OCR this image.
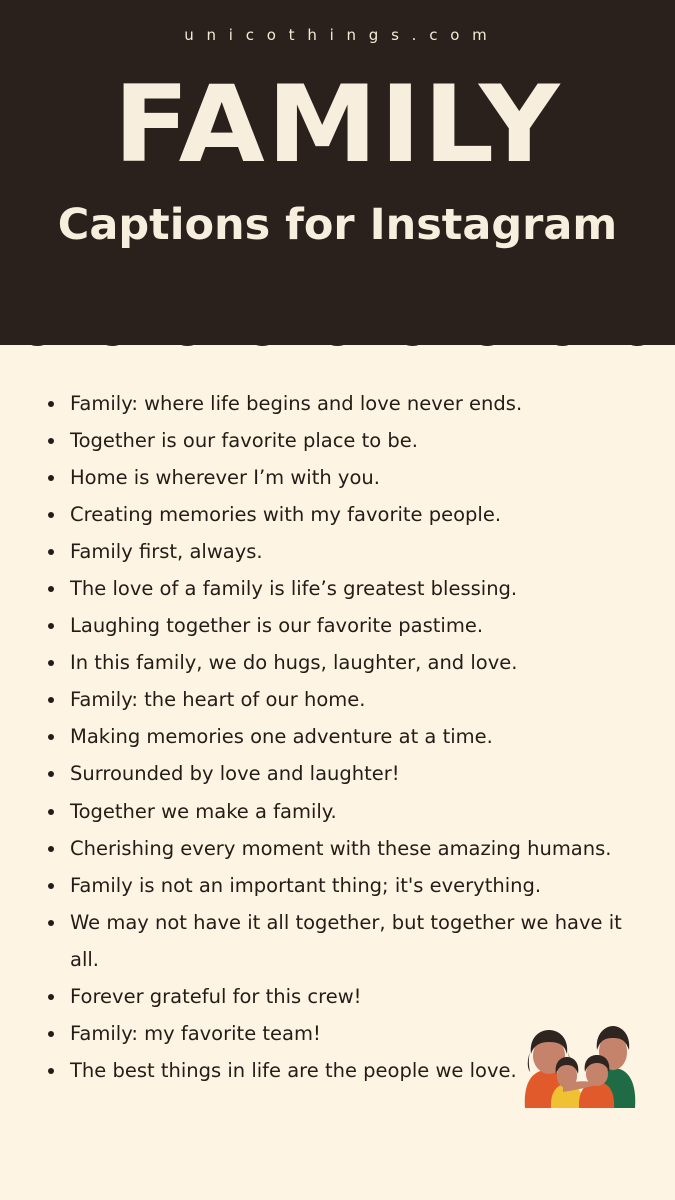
u n i c o t h i n g s . c o m

FAMILY
Captions for Instagram
Family: where life begins and love never ends.
Together is our favorite place to be.
Home is wherever I’m with you.
Creating memories with my favorite people.
Family first, always.
The love of a family is life’s greatest blessing.
Laughing together is our favorite pastime.
In this family, we do hugs, laughter, and love.
Family: the heart of our home.
Making memories one adventure at a time.
Surrounded by love and laughter!
Together we make a family.
Cherishing every moment with these amazing humans.
Family is not an important thing; it's everything.
We may not have it all together, but together we have it all.
Forever grateful for this crew!
Family: my favorite team!
The best things in life are the people we love.
